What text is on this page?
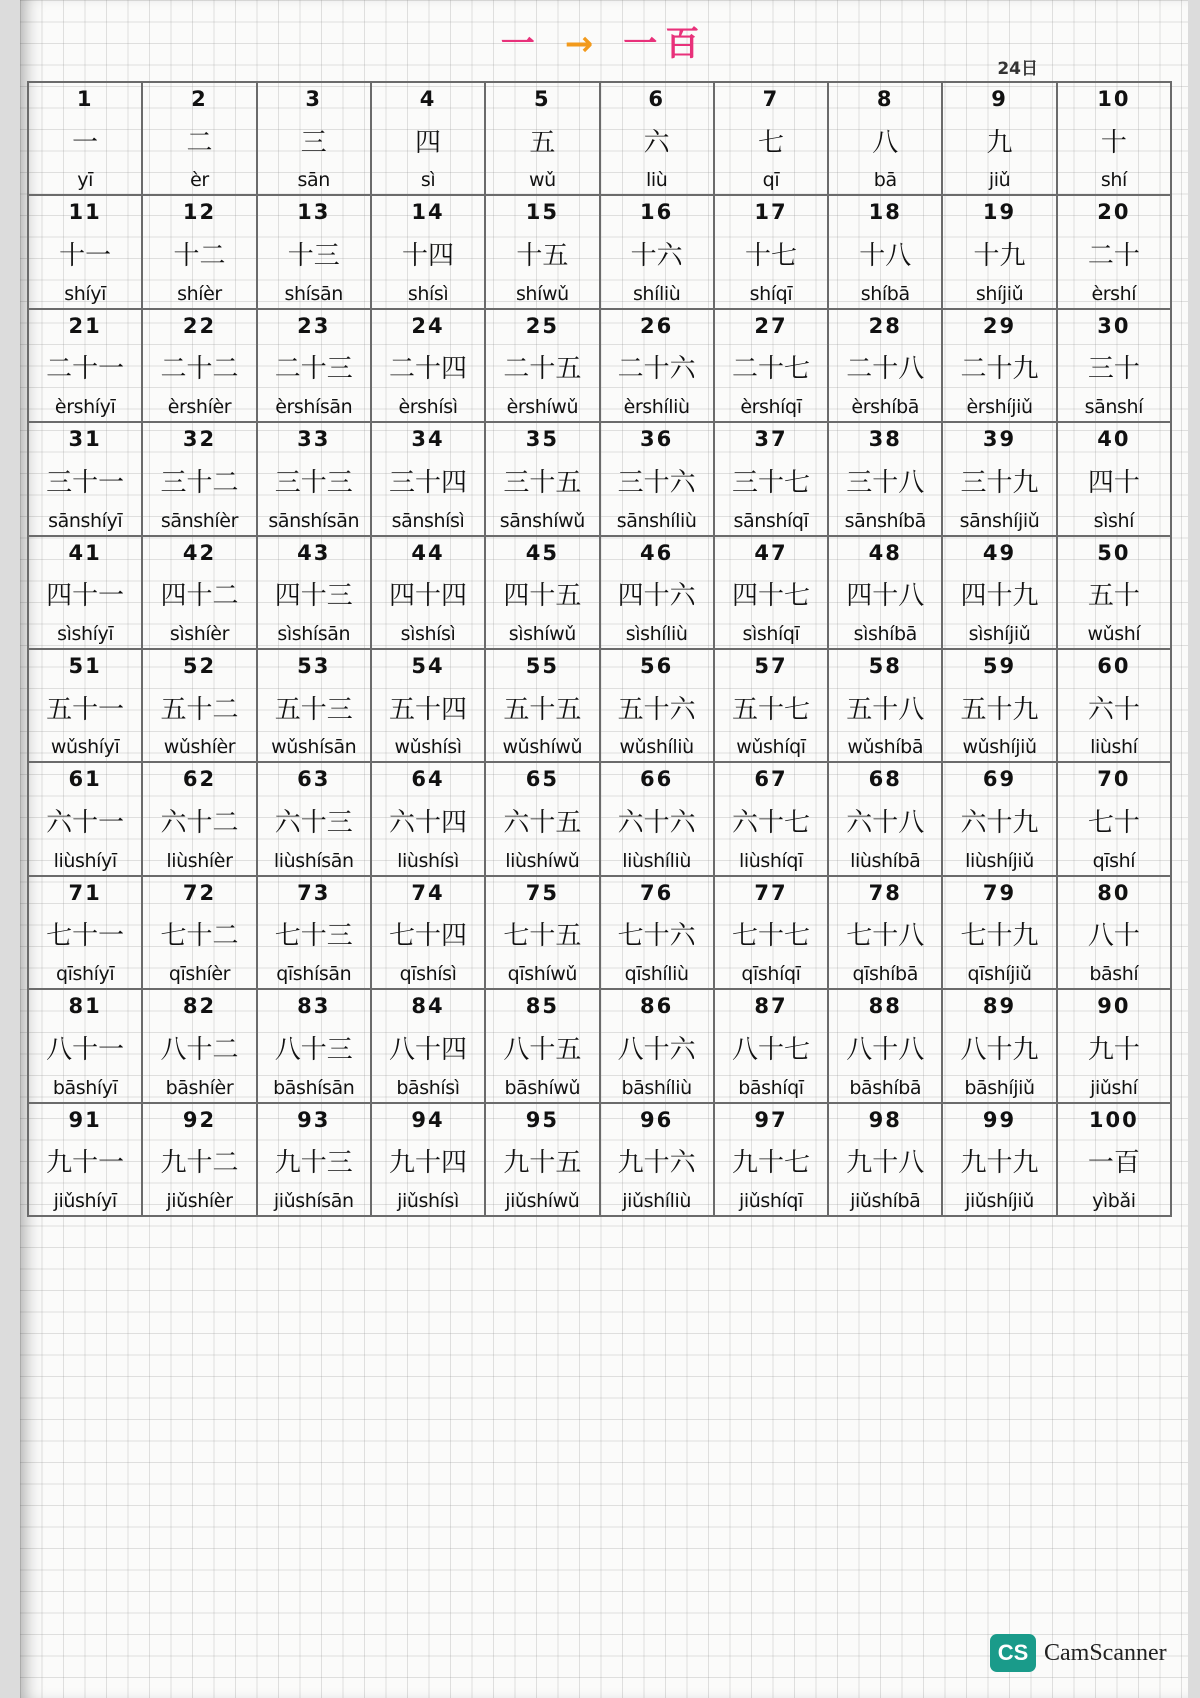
一 → 一百
24日
1
一
yī
2
二
èr
3
三
sān
4
四
sì
5
五
wǔ
6
六
liù
7
七
qī
8
八
bā
9
九
jiǔ
10
十
shí
11
十一
shíyī
12
十二
shíèr
13
十三
shísān
14
十四
shísì
15
十五
shíwǔ
16
十六
shíliù
17
十七
shíqī
18
十八
shíbā
19
十九
shíjiǔ
20
二十
èrshí
21
二十一
èrshíyī
22
二十二
èrshíèr
23
二十三
èrshísān
24
二十四
èrshísì
25
二十五
èrshíwǔ
26
二十六
èrshíliù
27
二十七
èrshíqī
28
二十八
èrshíbā
29
二十九
èrshíjiǔ
30
三十
sānshí
31
三十一
sānshíyī
32
三十二
sānshíèr
33
三十三
sānshísān
34
三十四
sānshísì
35
三十五
sānshíwǔ
36
三十六
sānshíliù
37
三十七
sānshíqī
38
三十八
sānshíbā
39
三十九
sānshíjiǔ
40
四十
sìshí
41
四十一
sìshíyī
42
四十二
sìshíèr
43
四十三
sìshísān
44
四十四
sìshísì
45
四十五
sìshíwǔ
46
四十六
sìshíliù
47
四十七
sìshíqī
48
四十八
sìshíbā
49
四十九
sìshíjiǔ
50
五十
wǔshí
51
五十一
wǔshíyī
52
五十二
wǔshíèr
53
五十三
wǔshísān
54
五十四
wǔshísì
55
五十五
wǔshíwǔ
56
五十六
wǔshíliù
57
五十七
wǔshíqī
58
五十八
wǔshíbā
59
五十九
wǔshíjiǔ
60
六十
liùshí
61
六十一
liùshíyī
62
六十二
liùshíèr
63
六十三
liùshísān
64
六十四
liùshísì
65
六十五
liùshíwǔ
66
六十六
liùshíliù
67
六十七
liùshíqī
68
六十八
liùshíbā
69
六十九
liùshíjiǔ
70
七十
qīshí
71
七十一
qīshíyī
72
七十二
qīshíèr
73
七十三
qīshísān
74
七十四
qīshísì
75
七十五
qīshíwǔ
76
七十六
qīshíliù
77
七十七
qīshíqī
78
七十八
qīshíbā
79
七十九
qīshíjiǔ
80
八十
bāshí
81
八十一
bāshíyī
82
八十二
bāshíèr
83
八十三
bāshísān
84
八十四
bāshísì
85
八十五
bāshíwǔ
86
八十六
bāshíliù
87
八十七
bāshíqī
88
八十八
bāshíbā
89
八十九
bāshíjiǔ
90
九十
jiǔshí
91
九十一
jiǔshíyī
92
九十二
jiǔshíèr
93
九十三
jiǔshísān
94
九十四
jiǔshísì
95
九十五
jiǔshíwǔ
96
九十六
jiǔshíliù
97
九十七
jiǔshíqī
98
九十八
jiǔshíbā
99
九十九
jiǔshíjiǔ
100
一百
yìbǎi
CS CamScanner
